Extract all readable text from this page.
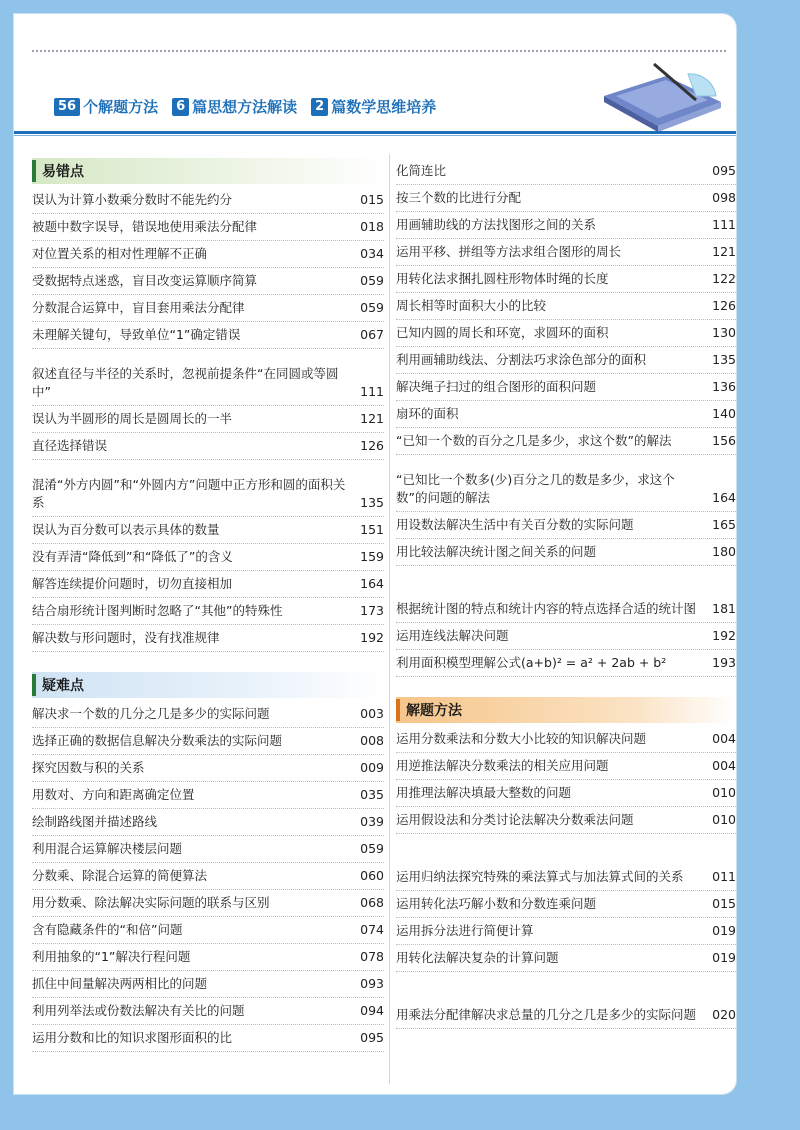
56 个解题方法	6 篇思想方法解读	2 篇数学思维培养
易错点
误认为计算小数乘分数时不能先约分	015
被题中数字误导，错误地使用乘法分配律	018
对位置关系的相对性理解不正确	034
受数据特点迷惑，盲目改变运算顺序简算	059
分数混合运算中，盲目套用乘法分配律	059
未理解关键句，导致单位“1”确定错误	067
叙述直径与半径的关系时，忽视前提条件“在同圆或等圆中”	111
误认为半圆形的周长是圆周长的一半	121
直径选择错误	126
混淆“外方内圆”和“外圆内方”问题中正方形和圆的面积关系	135
误认为百分数可以表示具体的数量	151
没有弄清“降低到”和“降低了”的含义	159
解答连续提价问题时，切勿直接相加	164
结合扇形统计图判断时忽略了“其他”的特殊性	173
解决数与形问题时，没有找准规律	192
疑难点
解决求一个数的几分之几是多少的实际问题	003
选择正确的数据信息解决分数乘法的实际问题	008
探究因数与积的关系	009
用数对、方向和距离确定位置	035
绘制路线图并描述路线	039
利用混合运算解决楼层问题	059
分数乘、除混合运算的简便算法	060
用分数乘、除法解决实际问题的联系与区别	068
含有隐藏条件的“和倍”问题	074
利用抽象的“1”解决行程问题	078
抓住中间量解决两两相比的问题	093
利用列举法或份数法解决有关比的问题	094
运用分数和比的知识求图形面积的比	095
化简连比	095
按三个数的比进行分配	098
用画辅助线的方法找图形之间的关系	111
运用平移、拼组等方法求组合图形的周长	121
用转化法求捆扎圆柱形物体时绳的长度	122
周长相等时面积大小的比较	126
已知内圆的周长和环宽，求圆环的面积	130
利用画辅助线法、分割法巧求涂色部分的面积	135
解决绳子扫过的组合图形的面积问题	136
扇环的面积	140
“已知一个数的百分之几是多少，求这个数”的解法	156
“已知比一个数多(少)百分之几的数是多少，求这个数”的问题的解法	164
用设数法解决生活中有关百分数的实际问题	165
用比较法解决统计图之间关系的问题	180
根据统计图的特点和统计内容的特点选择合适的统计图	181
运用连线法解决问题	192
利用面积模型理解公式(a+b)² = a² + 2ab + b²	193
解题方法
运用分数乘法和分数大小比较的知识解决问题	004
用逆推法解决分数乘法的相关应用问题	004
用推理法解决填最大整数的问题	010
运用假设法和分类讨论法解决分数乘法问题	010
运用归纳法探究特殊的乘法算式与加法算式间的关系	011
运用转化法巧解小数和分数连乘问题	015
运用拆分法进行简便计算	019
用转化法解决复杂的计算问题	019
用乘法分配律解决求总量的几分之几是多少的实际问题	020
